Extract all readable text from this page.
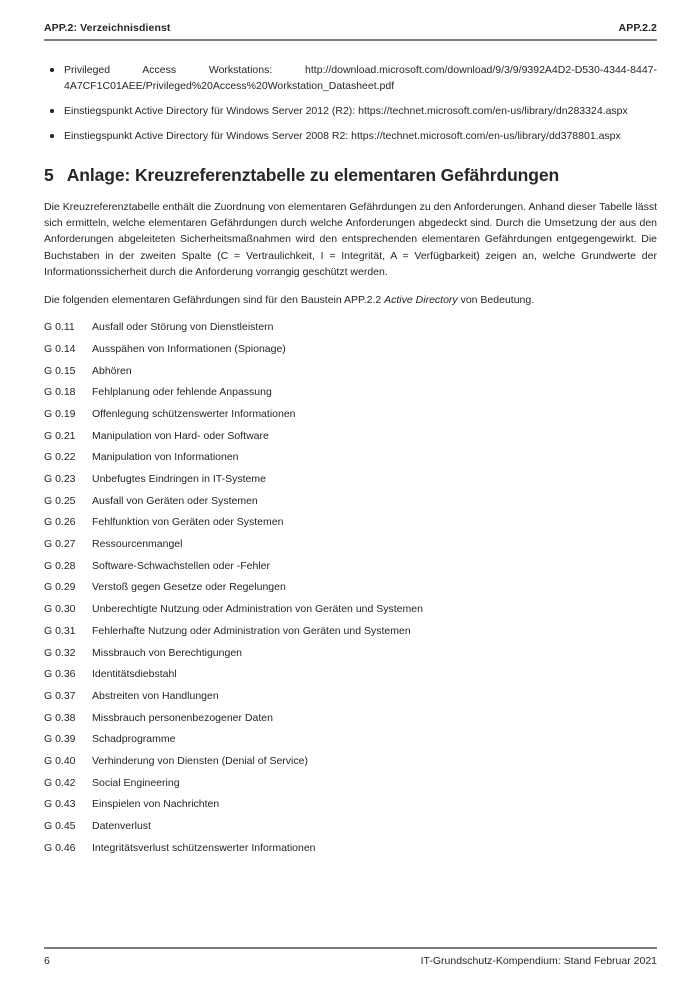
APP.2: Verzeichnisdienst	APP.2.2
Privileged Access Workstations: http://download.microsoft.com/download/9/3/9/9392A4D2-D530-4344-8447-4A7CF1C01AEE/Privileged%20Access%20Workstation_Datasheet.pdf
Einstiegspunkt Active Directory für Windows Server 2012 (R2): https://technet.microsoft.com/en-us/library/dn283324.aspx
Einstiegspunkt Active Directory für Windows Server 2008 R2: https://technet.microsoft.com/en-us/library/dd378801.aspx
5 Anlage: Kreuzreferenztabelle zu elementaren Gefährdungen
Die Kreuzreferenztabelle enthält die Zuordnung von elementaren Gefährdungen zu den Anforderungen. Anhand dieser Tabelle lässt sich ermitteln, welche elementaren Gefährdungen durch welche Anforderungen abgedeckt sind. Durch die Umsetzung der aus den Anforderungen abgeleiteten Sicherheitsmaßnahmen wird den entsprechenden elementaren Gefährdungen entgegengewirkt. Die Buchstaben in der zweiten Spalte (C = Vertraulichkeit, I = Integrität, A = Verfügbarkeit) zeigen an, welche Grundwerte der Informationssicherheit durch die Anforderung vorrangig geschützt werden.
Die folgenden elementaren Gefährdungen sind für den Baustein APP.2.2 Active Directory von Bedeutung.
G 0.11	Ausfall oder Störung von Dienstleistern
G 0.14	Ausspähen von Informationen (Spionage)
G 0.15	Abhören
G 0.18	Fehlplanung oder fehlende Anpassung
G 0.19	Offenlegung schützenswerter Informationen
G 0.21	Manipulation von Hard- oder Software
G 0.22	Manipulation von Informationen
G 0.23	Unbefugtes Eindringen in IT-Systeme
G 0.25	Ausfall von Geräten oder Systemen
G 0.26	Fehlfunktion von Geräten oder Systemen
G 0.27	Ressourcenmangel
G 0.28	Software-Schwachstellen oder -Fehler
G 0.29	Verstoß gegen Gesetze oder Regelungen
G 0.30	Unberechtigte Nutzung oder Administration von Geräten und Systemen
G 0.31	Fehlerhafte Nutzung oder Administration von Geräten und Systemen
G 0.32	Missbrauch von Berechtigungen
G 0.36	Identitätsdiebstahl
G 0.37	Abstreiten von Handlungen
G 0.38	Missbrauch personenbezogener Daten
G 0.39	Schadprogramme
G 0.40	Verhinderung von Diensten (Denial of Service)
G 0.42	Social Engineering
G 0.43	Einspielen von Nachrichten
G 0.45	Datenverlust
G 0.46	Integritätsverlust schützenswerter Informationen
6	IT-Grundschutz-Kompendium: Stand Februar 2021
